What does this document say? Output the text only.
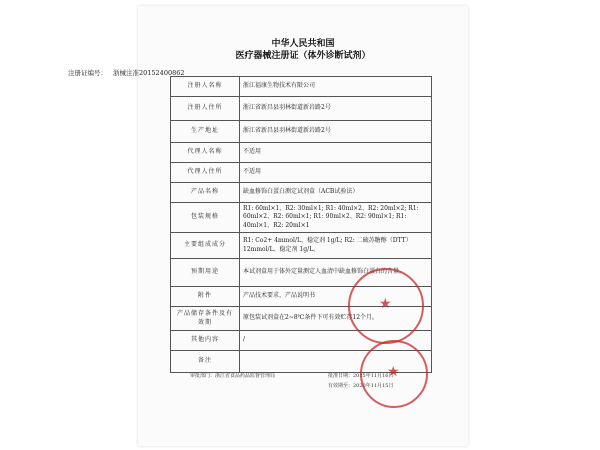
中华人民共和国
医疗器械注册证（体外诊断试剂）
注册证编号： 浙械注准20152400862
注册人名称	浙江福康生物技术有限公司
注册人住所	浙江省新昌县羽林街道新岩路2号
生产地址	浙江省新昌县羽林街道新岩路2号
代理人名称	不适用
代理人住所	不适用
产品名称	缺血修饰白蛋白测定试剂盒（ACB试验法）
包装规格	R1: 60ml×1、R2: 30ml×1; R1: 40ml×2、R2: 20ml×2; R1: 60ml×2、R2: 60ml×1; R1: 90ml×2、R2: 90ml×1; R1: 40ml×1、R2: 20ml×1
主要组成成分	R1: Co2+ 4mmol/L、稳定剂 1g/L; R2: 二硫苏糖醇（DTT） 12mmol/L、稳定剂 1g/L。
预期用途	本试剂盒用于体外定量测定人血清中缺血修饰白蛋白的含量。
附件	产品技术要求、产品说明书
产品储存条件及有效期	原包装试剂盒在2~8℃条件下可有效贮存12个月。
其他内容	/
备注	
审批部门：浙江省食品药品监督管理局	批准日期：2015年11月16日
有效期至：2020年11月15日
★
★
